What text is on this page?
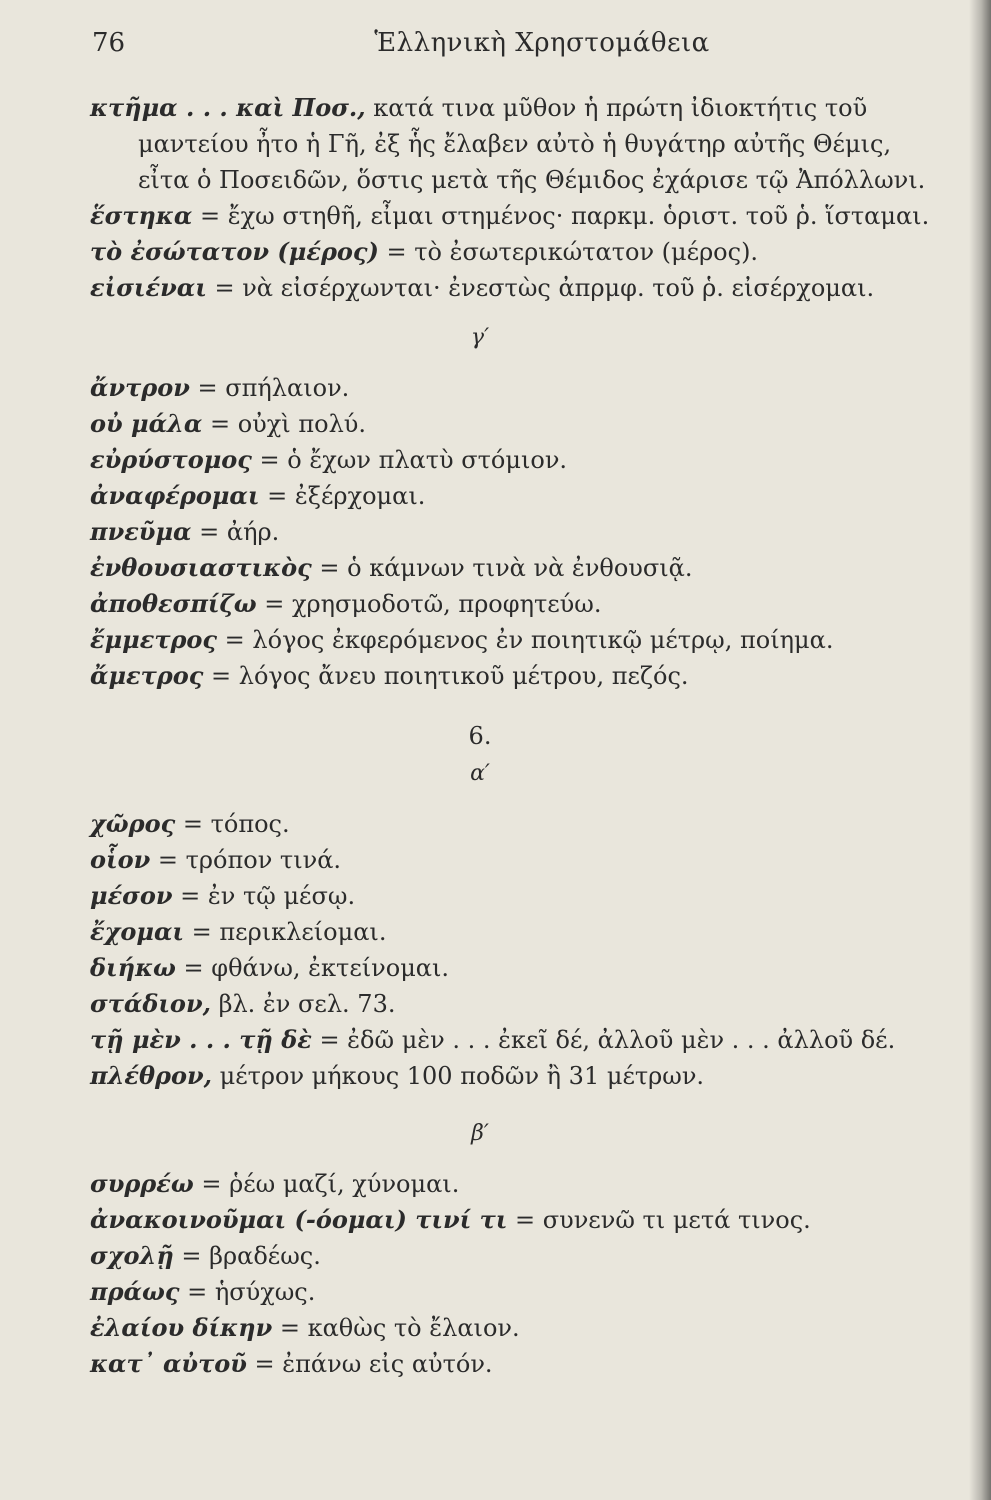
76	Ἑλληνικὴ Χρηστομάθεια
κτῆμα . . . καὶ Ποσ., κατά τινα μῦθον ἡ πρώτη ἰδιοκτήτις τοῦ
μαντείου ἦτο ἡ Γῆ, ἐξ ἧς ἔλαβεν αὐτὸ ἡ θυγάτηρ αὐτῆς Θέμις,
εἶτα ὁ Ποσειδῶν, ὅστις μετὰ τῆς Θέμιδος ἐχάρισε τῷ Ἀπόλλωνι.
ἕστηκα = ἔχω στηθῆ, εἶμαι στημένος· παρκμ. ὁριστ. τοῦ ῥ. ἵσταμαι.
τὸ ἐσώτατον (μέρος) = τὸ ἐσωτερικώτατον (μέρος).
εἰσιέναι = νὰ εἰσέρχωνται· ἐνεστὼς ἀπρμφ. τοῦ ῥ. εἰσέρχομαι.
γ′
ἄντρον = σπήλαιον.
οὐ μάλα = οὐχὶ πολύ.
εὐρύστομος = ὁ ἔχων πλατὺ στόμιον.
ἀναφέρομαι = ἐξέρχομαι.
πνεῦμα = ἀήρ.
ἐνθουσιαστικὸς = ὁ κάμνων τινὰ νὰ ἐνθουσιᾷ.
ἀποθεσπίζω = χρησμοδοτῶ, προφητεύω.
ἔμμετρος = λόγος ἐκφερόμενος ἐν ποιητικῷ μέτρῳ, ποίημα.
ἄμετρος = λόγος ἄνευ ποιητικοῦ μέτρου, πεζός.
6.
α′
χῶρος = τόπος.
οἷον = τρόπον τινά.
μέσον = ἐν τῷ μέσῳ.
ἔχομαι = περικλείομαι.
διήκω = φθάνω, ἐκτείνομαι.
στάδιον, βλ. ἐν σελ. 73.
τῇ μὲν . . . τῇ δὲ = ἐδῶ μὲν . . . ἐκεῖ δέ, ἀλλοῦ μὲν . . . ἀλλοῦ δέ.
πλέθρον, μέτρον μήκους 100 ποδῶν ἢ 31 μέτρων.
β′
συρρέω = ῥέω μαζί, χύνομαι.
ἀνακοινοῦμαι (-όομαι) τινί τι = συνενῶ τι μετά τινος.
σχολῇ = βραδέως.
πράως = ἡσύχως.
ἐλαίου δίκην = καθὼς τὸ ἔλαιον.
κατ᾽ αὐτοῦ = ἐπάνω εἰς αὐτόν.
